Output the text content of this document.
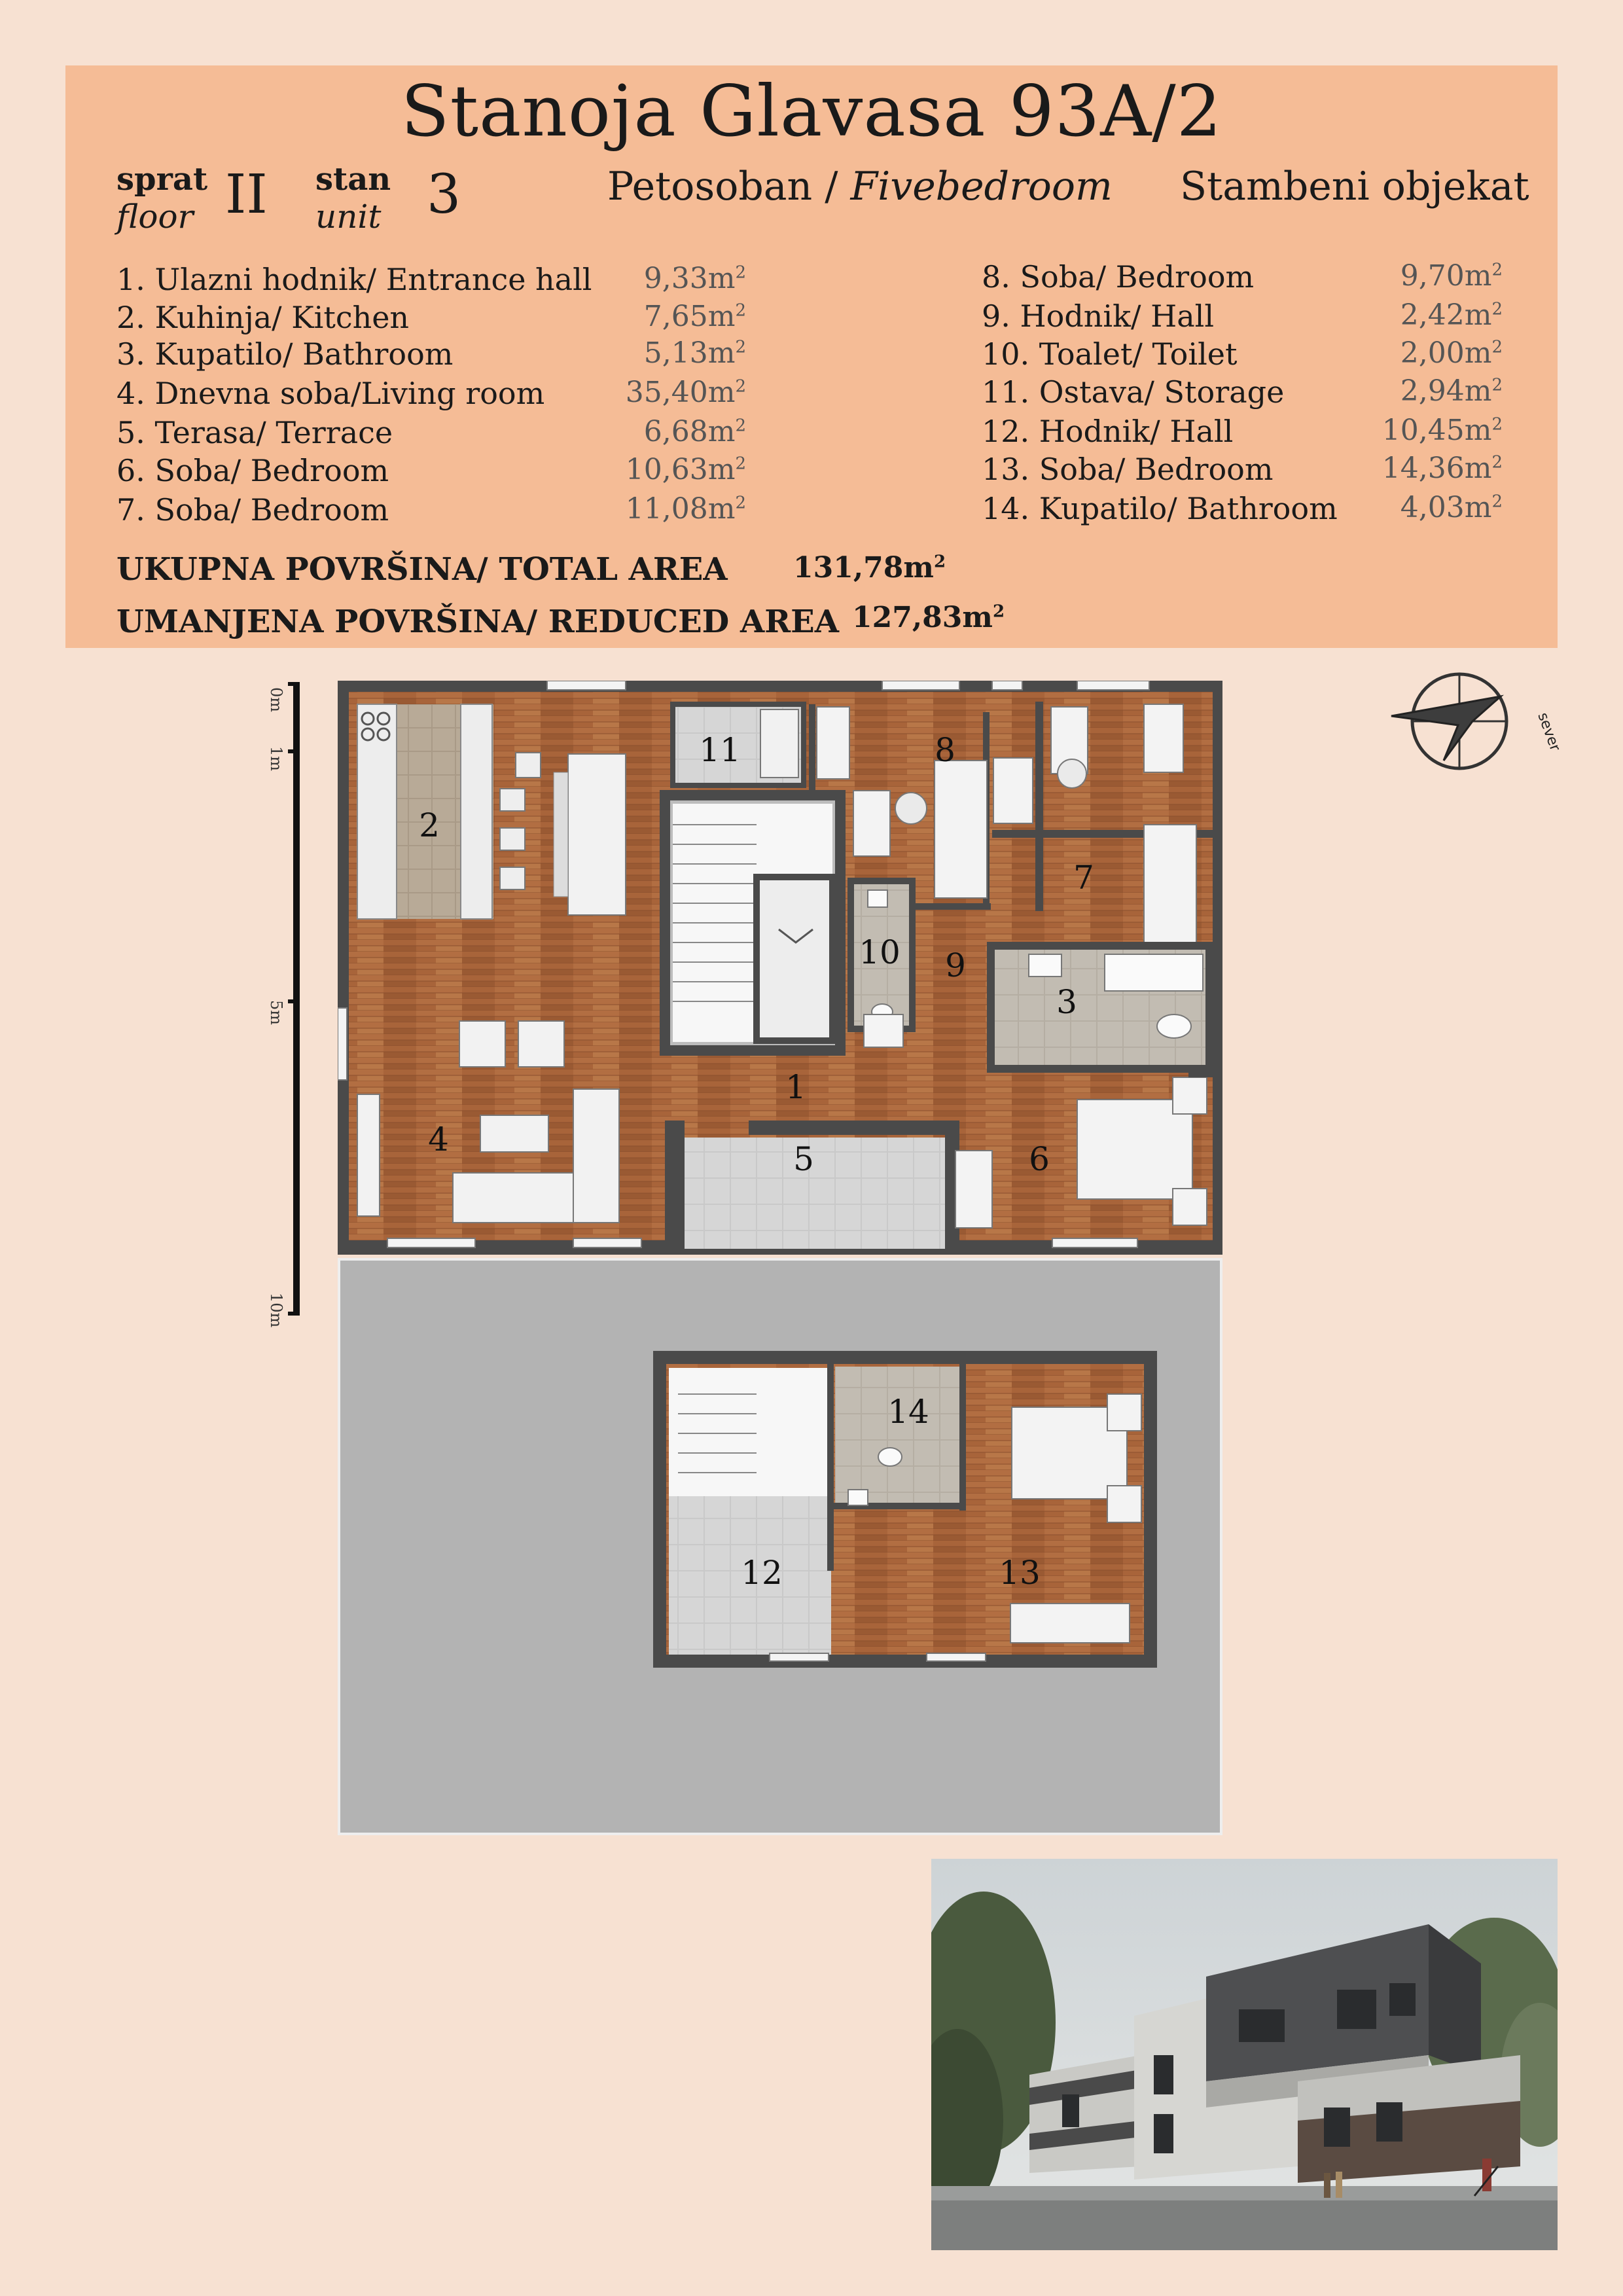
Stanoja Glavasa 93A/2
sprat
floor II stan
unit 3	Petosoban / Fivebedroom Stambeni objekat
1. Ulazni hodnik/ Entrance hall $9,33m^2$
2. Kuhinja/ Kitchen	$7,65m^2$
3. Kupatilo/ Bathroom	$5,13m^2$
4. Dnevna soba/Living room	$35,40m^2$
5. Terasa/ Terrace	$6,68m^2$
6. Soba/ Bedroom	$10,63m^2$
7. Soba/ Bedroom	$11,08m^2$
8. Soba/ Bedroom	$9,70m^2$
9. Hodnik/ Hall	$2,42m^2$
10. Toalet/ Toilet	$2,00m^2$
11. Ostava/ Storage	$2,94m^2$
12. Hodnik/ Hall	$10,45m^2$
13. Soba/ Bedroom	$14,36m^2$
14. Kupatilo/ Bathroom $4,03m^2$
UKUPNA POVRŠINA/ TOTAL AREA $131,78m^2$
UMANJENA POVRŠINA/ REDUCED AREA $127,83m^2$
0m
1m
5m
10m
sever
2
11	8
7
10 9
3
1
4
5	6
14
12	13
